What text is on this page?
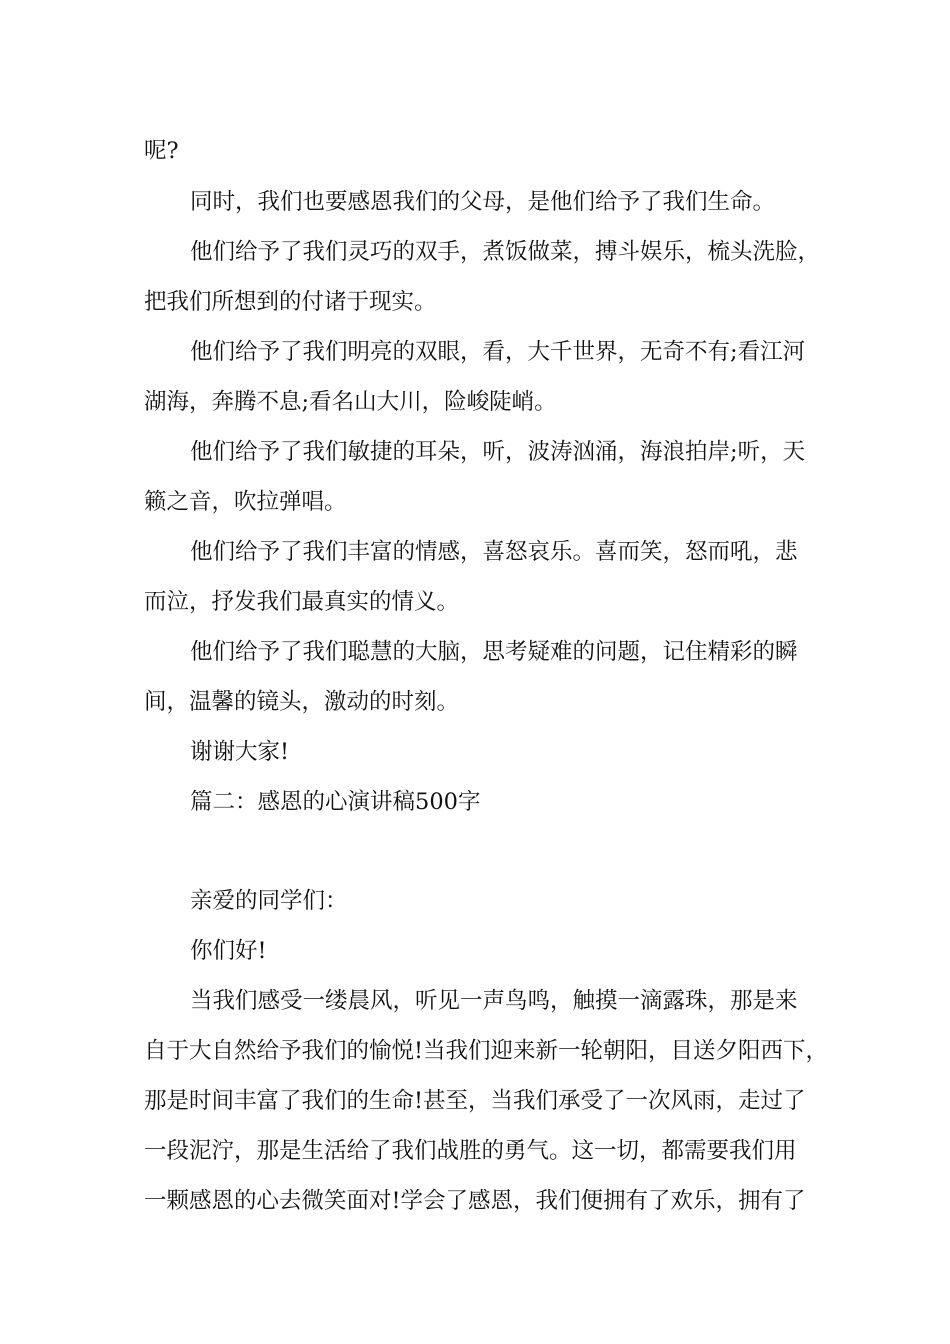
呢?
同时，我们也要感恩我们的父母，是他们给予了我们生命。
他们给予了我们灵巧的双手，煮饭做菜，搏斗娱乐，梳头洗脸，
把我们所想到的付诸于现实。
他们给予了我们明亮的双眼，看，大千世界，无奇不有;看江河
湖海，奔腾不息;看名山大川，险峻陡峭。
他们给予了我们敏捷的耳朵，听，波涛汹涌，海浪拍岸;听，天
籁之音，吹拉弹唱。
他们给予了我们丰富的情感，喜怒哀乐。喜而笑，怒而吼，悲
而泣，抒发我们最真实的情义。
他们给予了我们聪慧的大脑，思考疑难的问题，记住精彩的瞬
间，温馨的镜头，激动的时刻。
谢谢大家!
篇二：感恩的心演讲稿500字
亲爱的同学们：
你们好!
当我们感受一缕晨风，听见一声鸟鸣，触摸一滴露珠，那是来
自于大自然给予我们的愉悦!当我们迎来新一轮朝阳，目送夕阳西下，
那是时间丰富了我们的生命!甚至，当我们承受了一次风雨，走过了
一段泥泞，那是生活给了我们战胜的勇气。这一切，都需要我们用
一颗感恩的心去微笑面对!学会了感恩，我们便拥有了欢乐，拥有了
